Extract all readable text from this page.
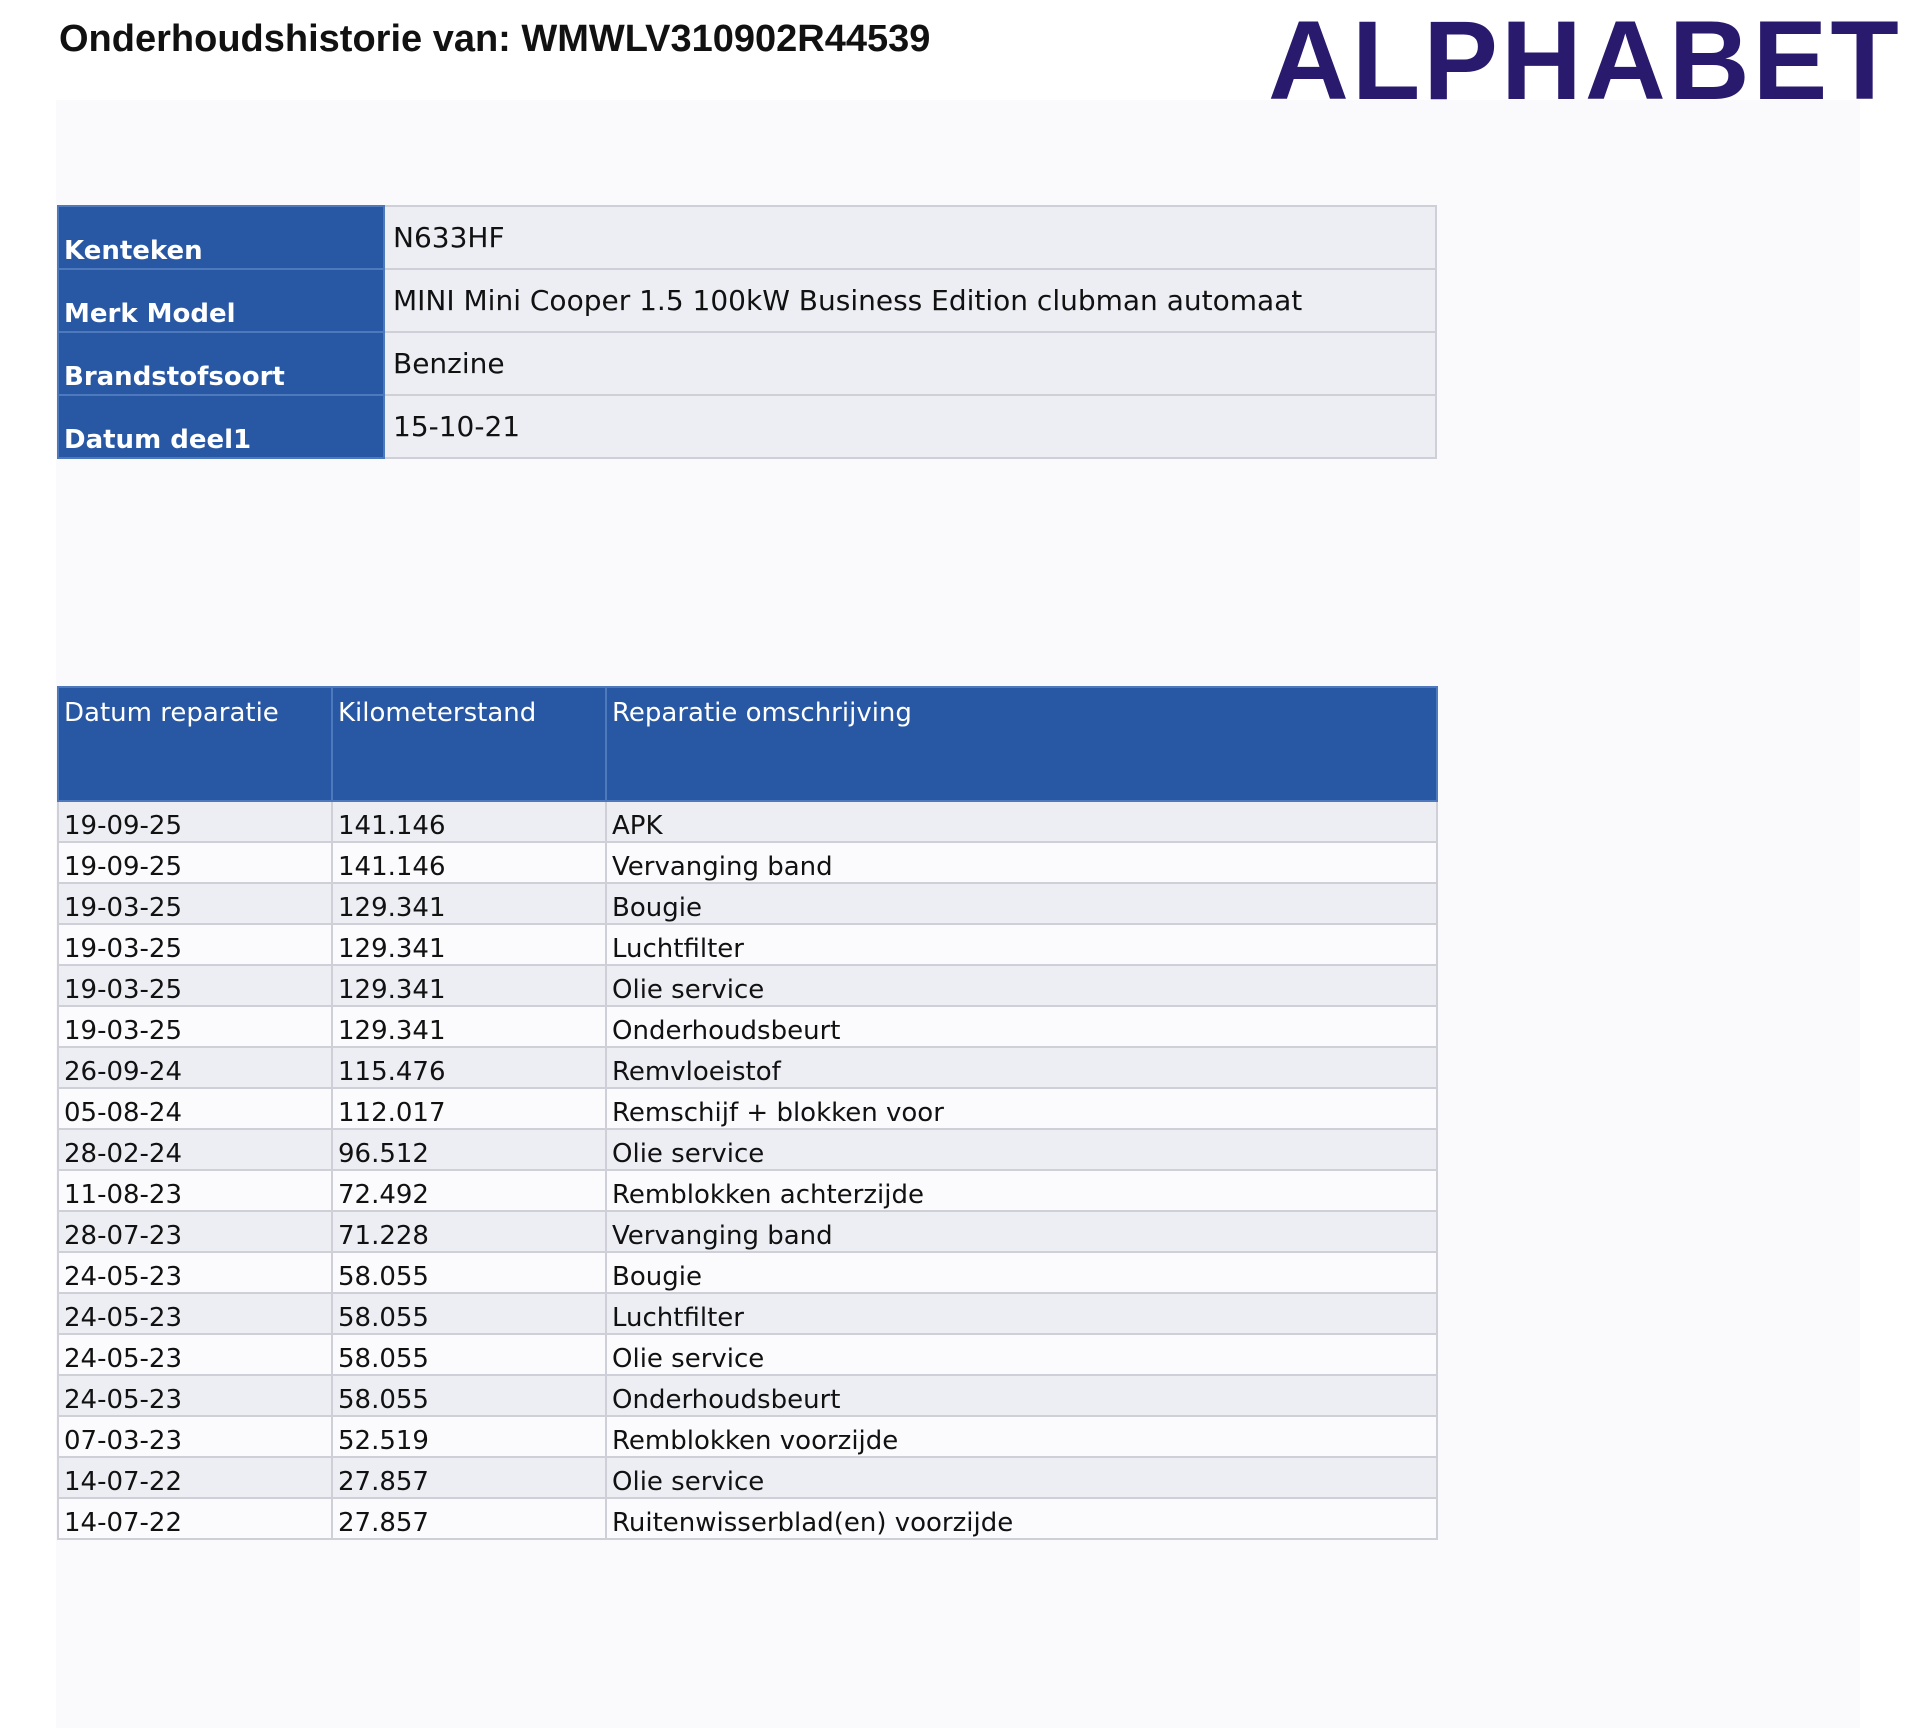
Onderhoudshistorie van: WMWLV310902R44539	ALPHABET
Kenteken	N633HF
Merk Model	MINI Mini Cooper 1.5 100kW Business Edition clubman automaat
Brandstofsoort	Benzine
Datum deel1	15-10-21
Datum reparatie	Kilometerstand	Reparatie omschrijving
19-09-25	141.146	APK
19-09-25	141.146	Vervanging band
19-03-25	129.341	Bougie
19-03-25	129.341	Luchtfilter
19-03-25	129.341	Olie service
19-03-25	129.341	Onderhoudsbeurt
26-09-24	115.476	Remvloeistof
05-08-24	112.017	Remschijf + blokken voor
28-02-24	96.512	Olie service
11-08-23	72.492	Remblokken achterzijde
28-07-23	71.228	Vervanging band
24-05-23	58.055	Bougie
24-05-23	58.055	Luchtfilter
24-05-23	58.055	Olie service
24-05-23	58.055	Onderhoudsbeurt
07-03-23	52.519	Remblokken voorzijde
14-07-22	27.857	Olie service
14-07-22	27.857	Ruitenwisserblad(en) voorzijde
